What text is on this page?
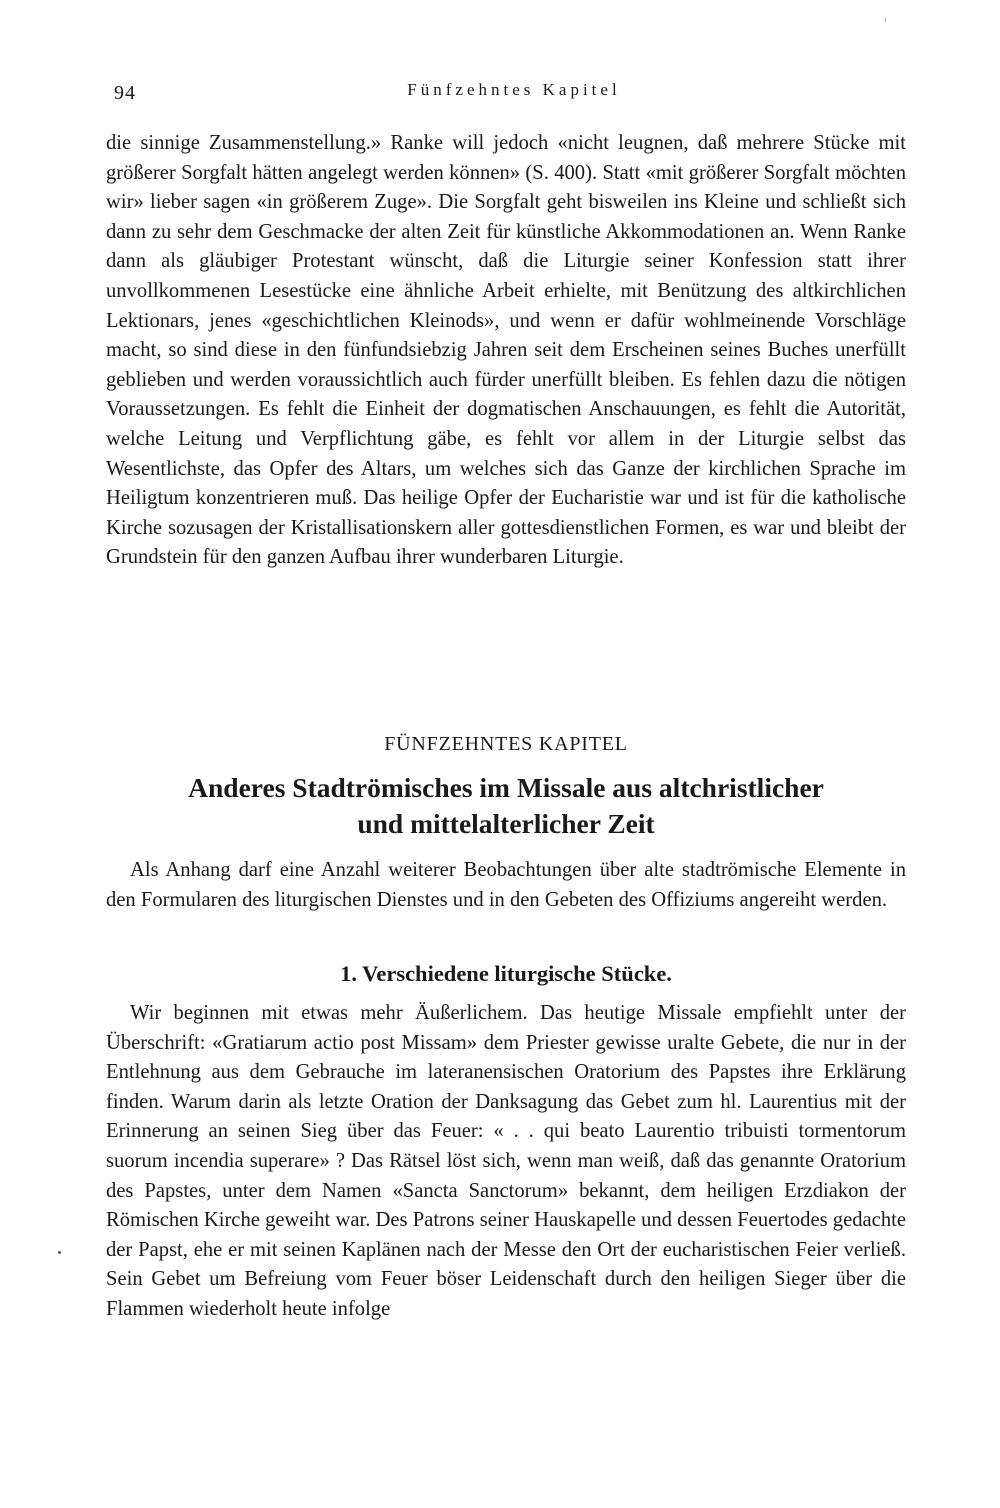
94	Fünfzehntes Kapitel

die sinnige Zusammenstellung.» Ranke will jedoch «nicht leugnen, daß mehrere Stücke mit größerer Sorgfalt hätten angelegt werden können» (S. 400). Statt «mit größerer Sorgfalt möchten wir» lieber sagen «in größerem Zuge». Die Sorgfalt geht bisweilen ins Kleine und schließt sich dann zu sehr dem Geschmacke der alten Zeit für künstliche Akkommodationen an. Wenn Ranke dann als gläubiger Protestant wünscht, daß die Liturgie seiner Konfession statt ihrer unvollkommenen Lesestücke eine ähnliche Arbeit erhielte, mit Benützung des altkirchlichen Lektionars, jenes «geschichtlichen Kleinods», und wenn er dafür wohlmeinende Vorschläge macht, so sind diese in den fünfundsiebzig Jahren seit dem Erscheinen seines Buches unerfüllt geblieben und werden voraussichtlich auch fürder unerfüllt bleiben. Es fehlen dazu die nötigen Voraussetzungen. Es fehlt die Einheit der dogmatischen Anschauungen, es fehlt die Autorität, welche Leitung und Verpflichtung gäbe, es fehlt vor allem in der Liturgie selbst das Wesentlichste, das Opfer des Altars, um welches sich das Ganze der kirchlichen Sprache im Heiligtum konzentrieren muß. Das heilige Opfer der Eucharistie war und ist für die katholische Kirche sozusagen der Kristallisationskern aller gottesdienstlichen Formen, es war und bleibt der Grundstein für den ganzen Aufbau ihrer wunderbaren Liturgie.

FÜNFZEHNTES KAPITEL
Anderes Stadtrömisches im Missale aus altchristlicher
und mittelalterlicher Zeit

Als Anhang darf eine Anzahl weiterer Beobachtungen über alte stadtrömische Elemente in den Formularen des liturgischen Dienstes und in den Gebeten des Offiziums angereiht werden.

1. Verschiedene liturgische Stücke.

Wir beginnen mit etwas mehr Äußerlichem. Das heutige Missale empfiehlt unter der Überschrift: «Gratiarum actio post Missam» dem Priester gewisse uralte Gebete, die nur in der Entlehnung aus dem Gebrauche im lateranensischen Oratorium des Papstes ihre Erklärung finden. Warum darin als letzte Oration der Danksagung das Gebet zum hl. Laurentius mit der Erinnerung an seinen Sieg über das Feuer: « . . qui beato Laurentio tribuisti tormentorum suorum incendia superare» ? Das Rätsel löst sich, wenn man weiß, daß das genannte Oratorium des Papstes, unter dem Namen «Sancta Sanctorum» bekannt, dem heiligen Erzdiakon der Römischen Kirche geweiht war. Des Patrons seiner Hauskapelle und dessen Feuertodes gedachte der Papst, ehe er mit seinen Kaplänen nach der Messe den Ort der eucharistischen Feier verließ. Sein Gebet um Befreiung vom Feuer böser Leidenschaft durch den heiligen Sieger über die Flammen wiederholt heute infolge
